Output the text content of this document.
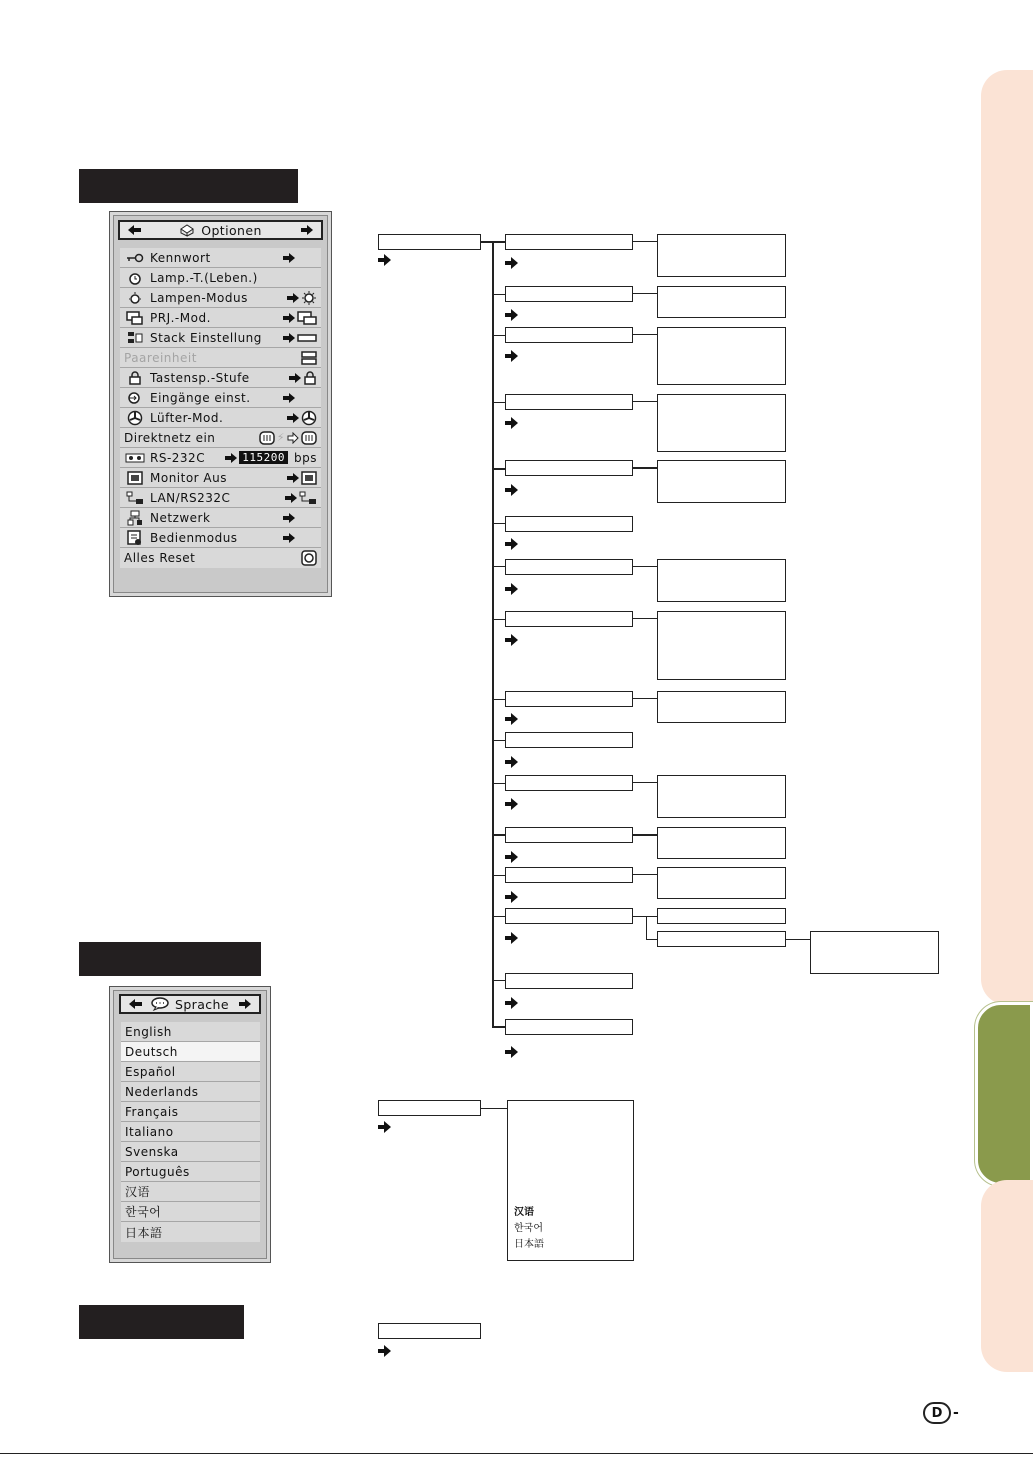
Optionen
Kennwort
Lamp.-T.(Leben.)
Lampen-Modus
PRJ.-Mod.
Stack Einstellung
Paareinheit
Tastensp.-Stufe
Eingänge einst.
Lüfter-Mod.
Direktnetz ein	⚡
RS-232C	115200 bps
Monitor Aus
LAN/RS232C
Netzwerk
Bedienmodus
Alles Reset
Sprache
English
Deutsch
Español
Nederlands
Français
Italiano
Svenska
Português
汉语
한국어
日本語
汉语
한국어
日本語
D -
